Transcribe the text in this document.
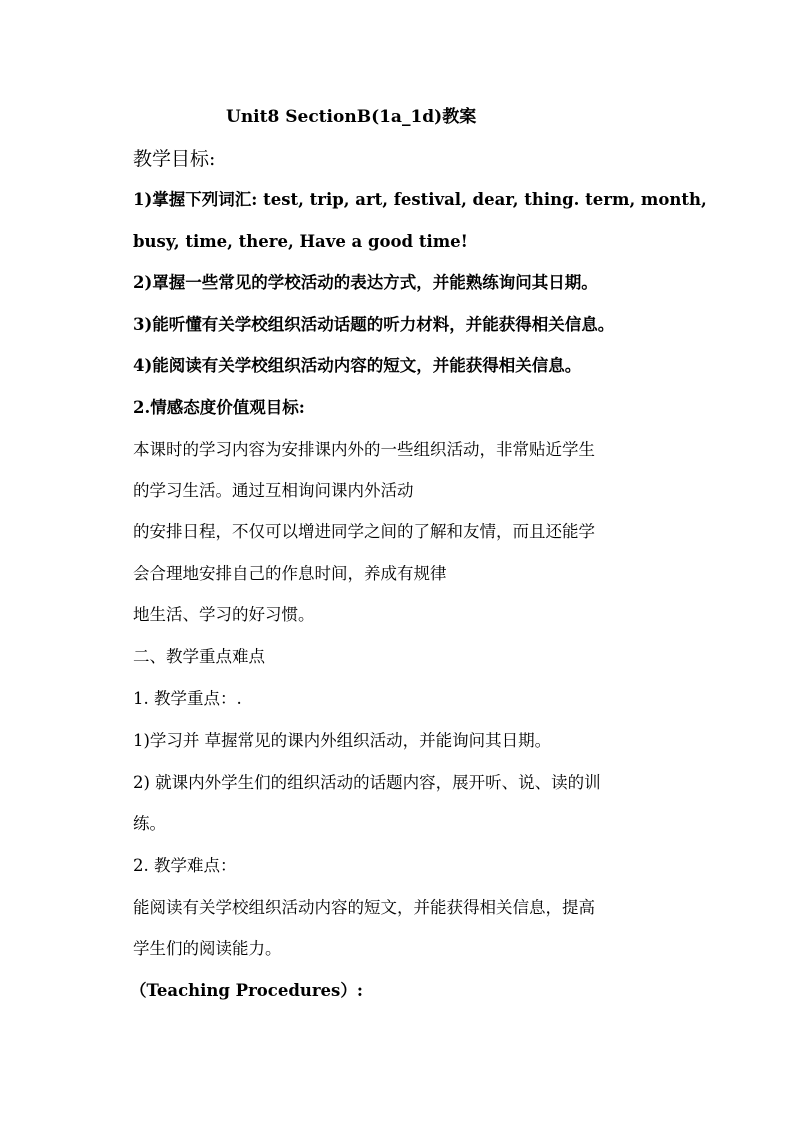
Unit8 SectionB(1a_1d)教案
教学目标:
1)掌握下列词汇: test, trip, art, festival, dear, thing. term, month,
busy, time, there, Have a good time!
2)罩握一些常见的学校活动的表达方式，并能熟练询问其日期。
3)能听懂有关学校组织活动话题的听力材料，并能获得相关信息。
4)能阅读有关学校组织活动内容的短文，并能获得相关信息。
2.情感态度价值观目标:
本课时的学习内容为安排课内外的一些组织活动，非常贴近学生
的学习生活。通过互相询问课内外活动
的安排日程，不仅可以增进同学之间的了解和友情，而且还能学
会合理地安排自己的作息时间，养成有规律
地生活、学习的好习惯。
二、教学重点难点
1. 教学重点：.
1)学习并 草握常见的课内外组织活动，并能询问其日期。
2) 就课内外学生们的组织活动的话题内容，展开听、说、读的训
练。
2. 教学难点：
能阅读有关学校组织活动内容的短文，并能获得相关信息，提高
学生们的阅读能力。
（Teaching Procedures）:
